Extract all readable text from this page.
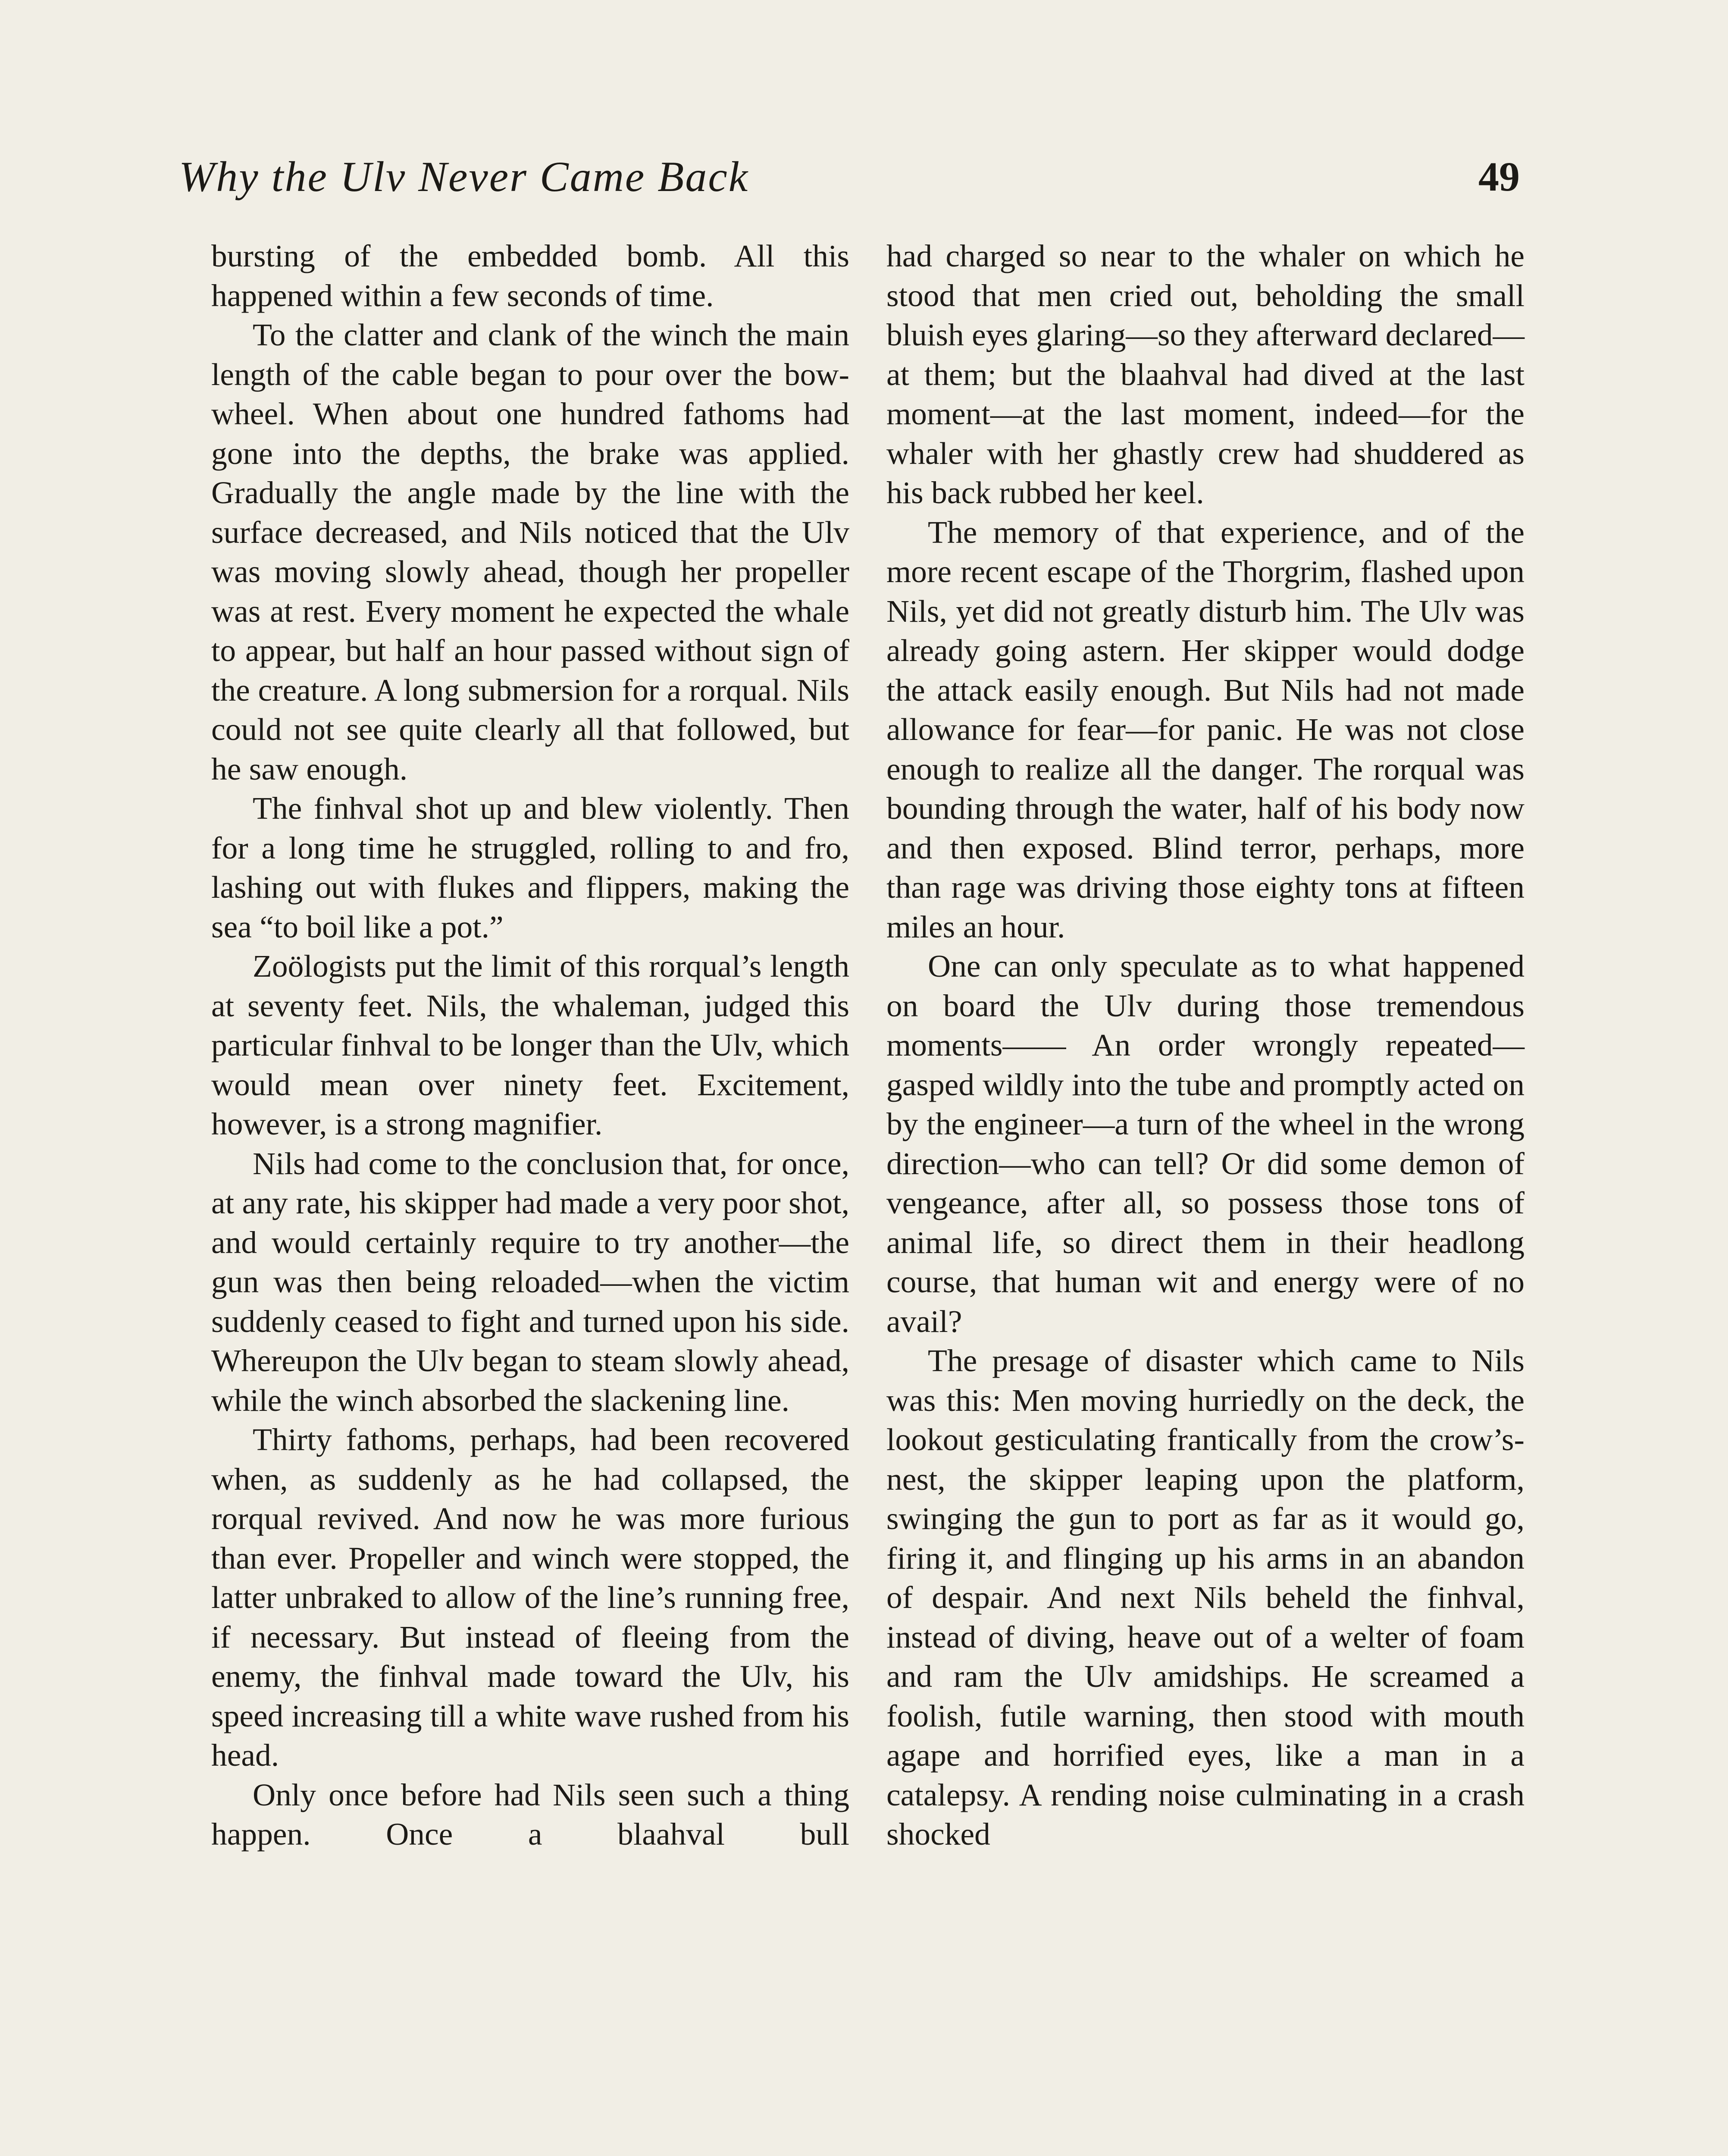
Why the Ulv Never Came Back	49

bursting of the embedded bomb. All this happened within a few seconds of time.

To the clatter and clank of the winch the main length of the cable began to pour over the bow-wheel. When about one hundred fathoms had gone into the depths, the brake was applied. Gradually the angle made by the line with the surface decreased, and Nils noticed that the Ulv was moving slowly ahead, though her propeller was at rest. Every moment he expected the whale to appear, but half an hour passed without sign of the creature. A long submersion for a rorqual. Nils could not see quite clearly all that followed, but he saw enough.

The finhval shot up and blew violently. Then for a long time he struggled, rolling to and fro, lashing out with flukes and flippers, making the sea “to boil like a pot.”

Zoölogists put the limit of this rorqual’s length at seventy feet. Nils, the whaleman, judged this particular finhval to be longer than the Ulv, which would mean over ninety feet. Excitement, however, is a strong magnifier.

Nils had come to the conclusion that, for once, at any rate, his skipper had made a very poor shot, and would certainly require to try another—the gun was then being reloaded—when the victim suddenly ceased to fight and turned upon his side. Whereupon the Ulv began to steam slowly ahead, while the winch absorbed the slackening line.

Thirty fathoms, perhaps, had been recovered when, as suddenly as he had collapsed, the rorqual revived. And now he was more furious than ever. Propeller and winch were stopped, the latter unbraked to allow of the line’s running free, if necessary. But instead of fleeing from the enemy, the finhval made toward the Ulv, his speed increasing till a white wave rushed from his head.

Only once before had Nils seen such a thing happen. Once a blaahval bull

had charged so near to the whaler on which he stood that men cried out, beholding the small bluish eyes glaring—so they afterward declared—at them; but the blaahval had dived at the last moment—at the last moment, indeed—for the whaler with her ghastly crew had shuddered as his back rubbed her keel.

The memory of that experience, and of the more recent escape of the Thorgrim, flashed upon Nils, yet did not greatly disturb him. The Ulv was already going astern. Her skipper would dodge the attack easily enough. But Nils had not made allowance for fear—for panic. He was not close enough to realize all the danger. The rorqual was bounding through the water, half of his body now and then exposed. Blind terror, perhaps, more than rage was driving those eighty tons at fifteen miles an hour.

One can only speculate as to what happened on board the Ulv during those tremendous moments—— An order wrongly repeated—gasped wildly into the tube and promptly acted on by the engineer—a turn of the wheel in the wrong direction—who can tell? Or did some demon of vengeance, after all, so possess those tons of animal life, so direct them in their headlong course, that human wit and energy were of no avail?

The presage of disaster which came to Nils was this: Men moving hurriedly on the deck, the lookout gesticulating frantically from the crow’s-nest, the skipper leaping upon the platform, swinging the gun to port as far as it would go, firing it, and flinging up his arms in an abandon of despair. And next Nils beheld the finhval, instead of diving, heave out of a welter of foam and ram the Ulv amidships. He screamed a foolish, futile warning, then stood with mouth agape and horrified eyes, like a man in a catalepsy. A rending noise culminating in a crash shocked
